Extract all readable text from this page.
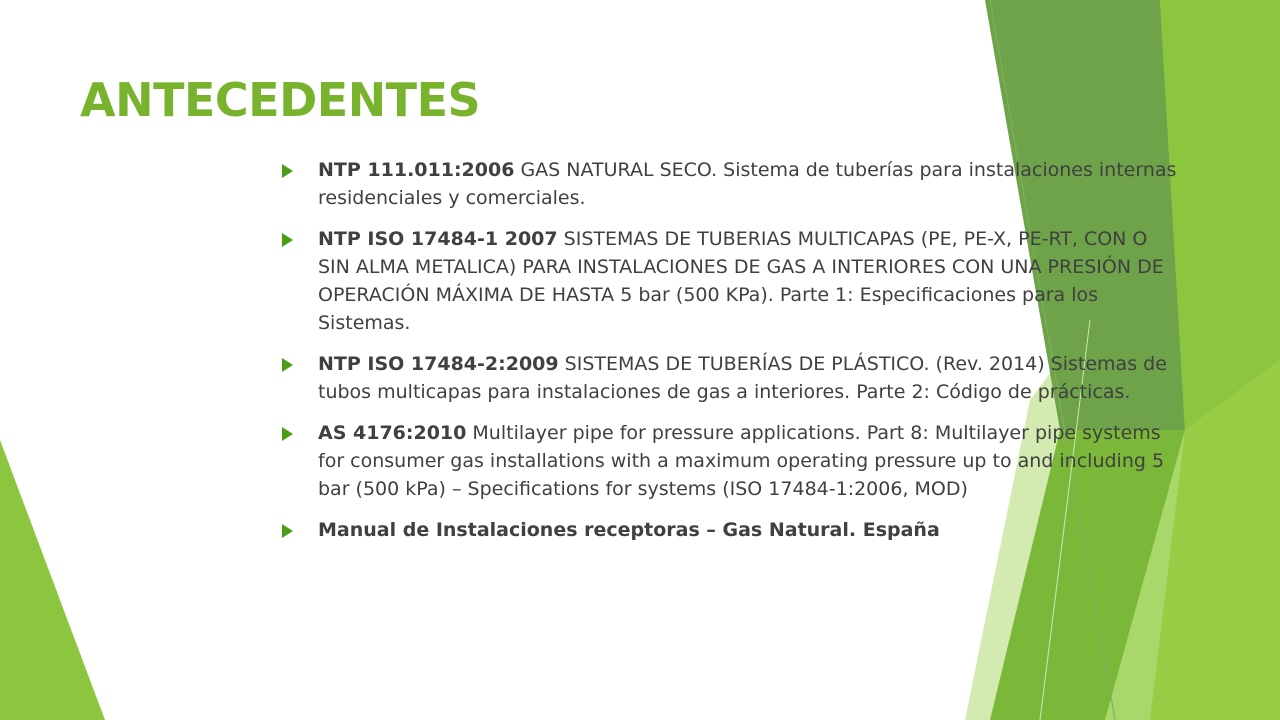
ANTECEDENTES
NTP 111.011:2006 GAS NATURAL SECO. Sistema de tuberías para instalaciones internas residenciales y comerciales.
NTP ISO 17484-1 2007 SISTEMAS DE TUBERIAS MULTICAPAS (PE, PE-X, PE-RT, CON O SIN ALMA METALICA) PARA INSTALACIONES DE GAS A INTERIORES CON UNA PRESIÓN DE OPERACIÓN MÁXIMA DE HASTA 5 bar (500 KPa). Parte 1: Especificaciones para los Sistemas.
NTP ISO 17484-2:2009 SISTEMAS DE TUBERÍAS DE PLÁSTICO. (Rev. 2014) Sistemas de tubos multicapas para instalaciones de gas a interiores. Parte 2: Código de prácticas.
AS 4176:2010 Multilayer pipe for pressure applications. Part 8: Multilayer pipe systems for consumer gas installations with a maximum operating pressure up to and including 5 bar (500 kPa) – Specifications for systems (ISO 17484-1:2006, MOD)
Manual de Instalaciones receptoras – Gas Natural. España
